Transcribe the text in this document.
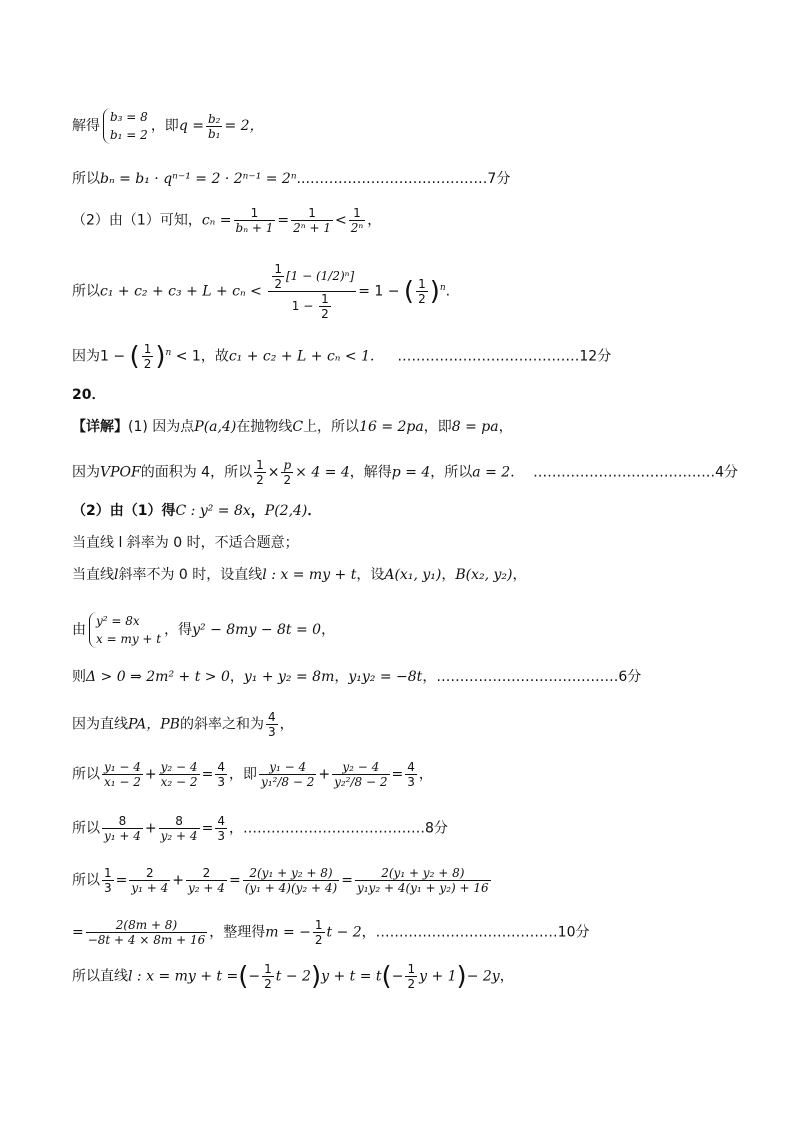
解得
b₃ = 8
b₁ = 2
，即$q = \frac{\text{b₂}}{\text{b₁}} = 2$，
所以bₙ = b₁ · qⁿ⁻¹ = 2 · 2ⁿ⁻¹ = 2ⁿ..…………………………………7分
（2）由（1）可知，$c_n = \frac{1}{\text{bₙ + 1}} = \frac{1}{\text{2ⁿ + 1}} < \frac{1}{\text{2ⁿ}}$ ，
所以$c_1 + c_2 + c_3 + L + c_n < \frac{\frac{1}{2} [1 - (1/2)^n]}{1 - \frac{1}{2}} = 1$ − ( $\frac{1}{2} )^n$.
因为1 − ( $\frac{1}{2} )^n < 1$，故c₁ + c₂ + L + cₙ < 1． …………………………………12分
20．
【详解】(1) 因为点P(a,4)在抛物线C上，所以16 = 2pa，即8 = pa，
因为VPOF的面积为 4，所以 $\frac{1}{2} \times \frac{p}{2} \times 4 = 4$，解得p = 4，所以a = 2． …………………………………4分
（2）由（1）得C : y² = 8x，P(2,4)．
当直线 l 斜率为 0 时，不适合题意；
当直线l斜率不为 0 时，设直线l : x = my + t，设A(x₁, y₁)，B(x₂, y₂)，
由
y² = 8x
x = my + t
，得y² − 8my − 8t = 0，
则Δ > 0 ⇒ 2m² + t > 0，y₁ + y₂ = 8m，y₁y₂ = −8t，…………………………………6分
因为直线PA，PB的斜率之和为 $\frac{4}{3}$ ，
所以 $\frac{\text{y₁ − 4}}{\text{x₁ − 2}} + \frac{\text{y₂ − 4}}{\text{x₂ − 2}} = \frac{4}{3}$ ，即 $\frac{\text{y₁ − 4}}{\text{y₁²/8 − 2}} + \frac{\text{y₂ − 4}}{\text{y₂²/8 − 2}} = \frac{4}{3}$ ，
所以 $\frac{8}{\text{y₁ + 4}} + \frac{8}{\text{y₂ + 4}} = \frac{4}{3}$ ，…………………………………8分
所以 $\frac{1}{3} = \frac{2}{\text{y₁ + 4}} + \frac{2}{\text{y₂ + 4}} = \frac{\text{2(y₁ + y₂ + 8)}}{\text{(y₁ + 4)(y₂ + 4)}} = \frac{\text{2(y₁ + y₂ + 8)}}{\text{y₁y₂ + 4(y₁ + y₂) + 16}}$
= $\frac{2(8m + 8)}{-8t + 4 \times 8m + 16}$ ，整理得m = − $\frac{1}{2}$ t − 2，…………………………………10分
所以直线l : x = my + t =(− $\frac{1}{2}$ $t - 2)y + t = t(- \frac{1}{2}$ y + 1)− 2y，
